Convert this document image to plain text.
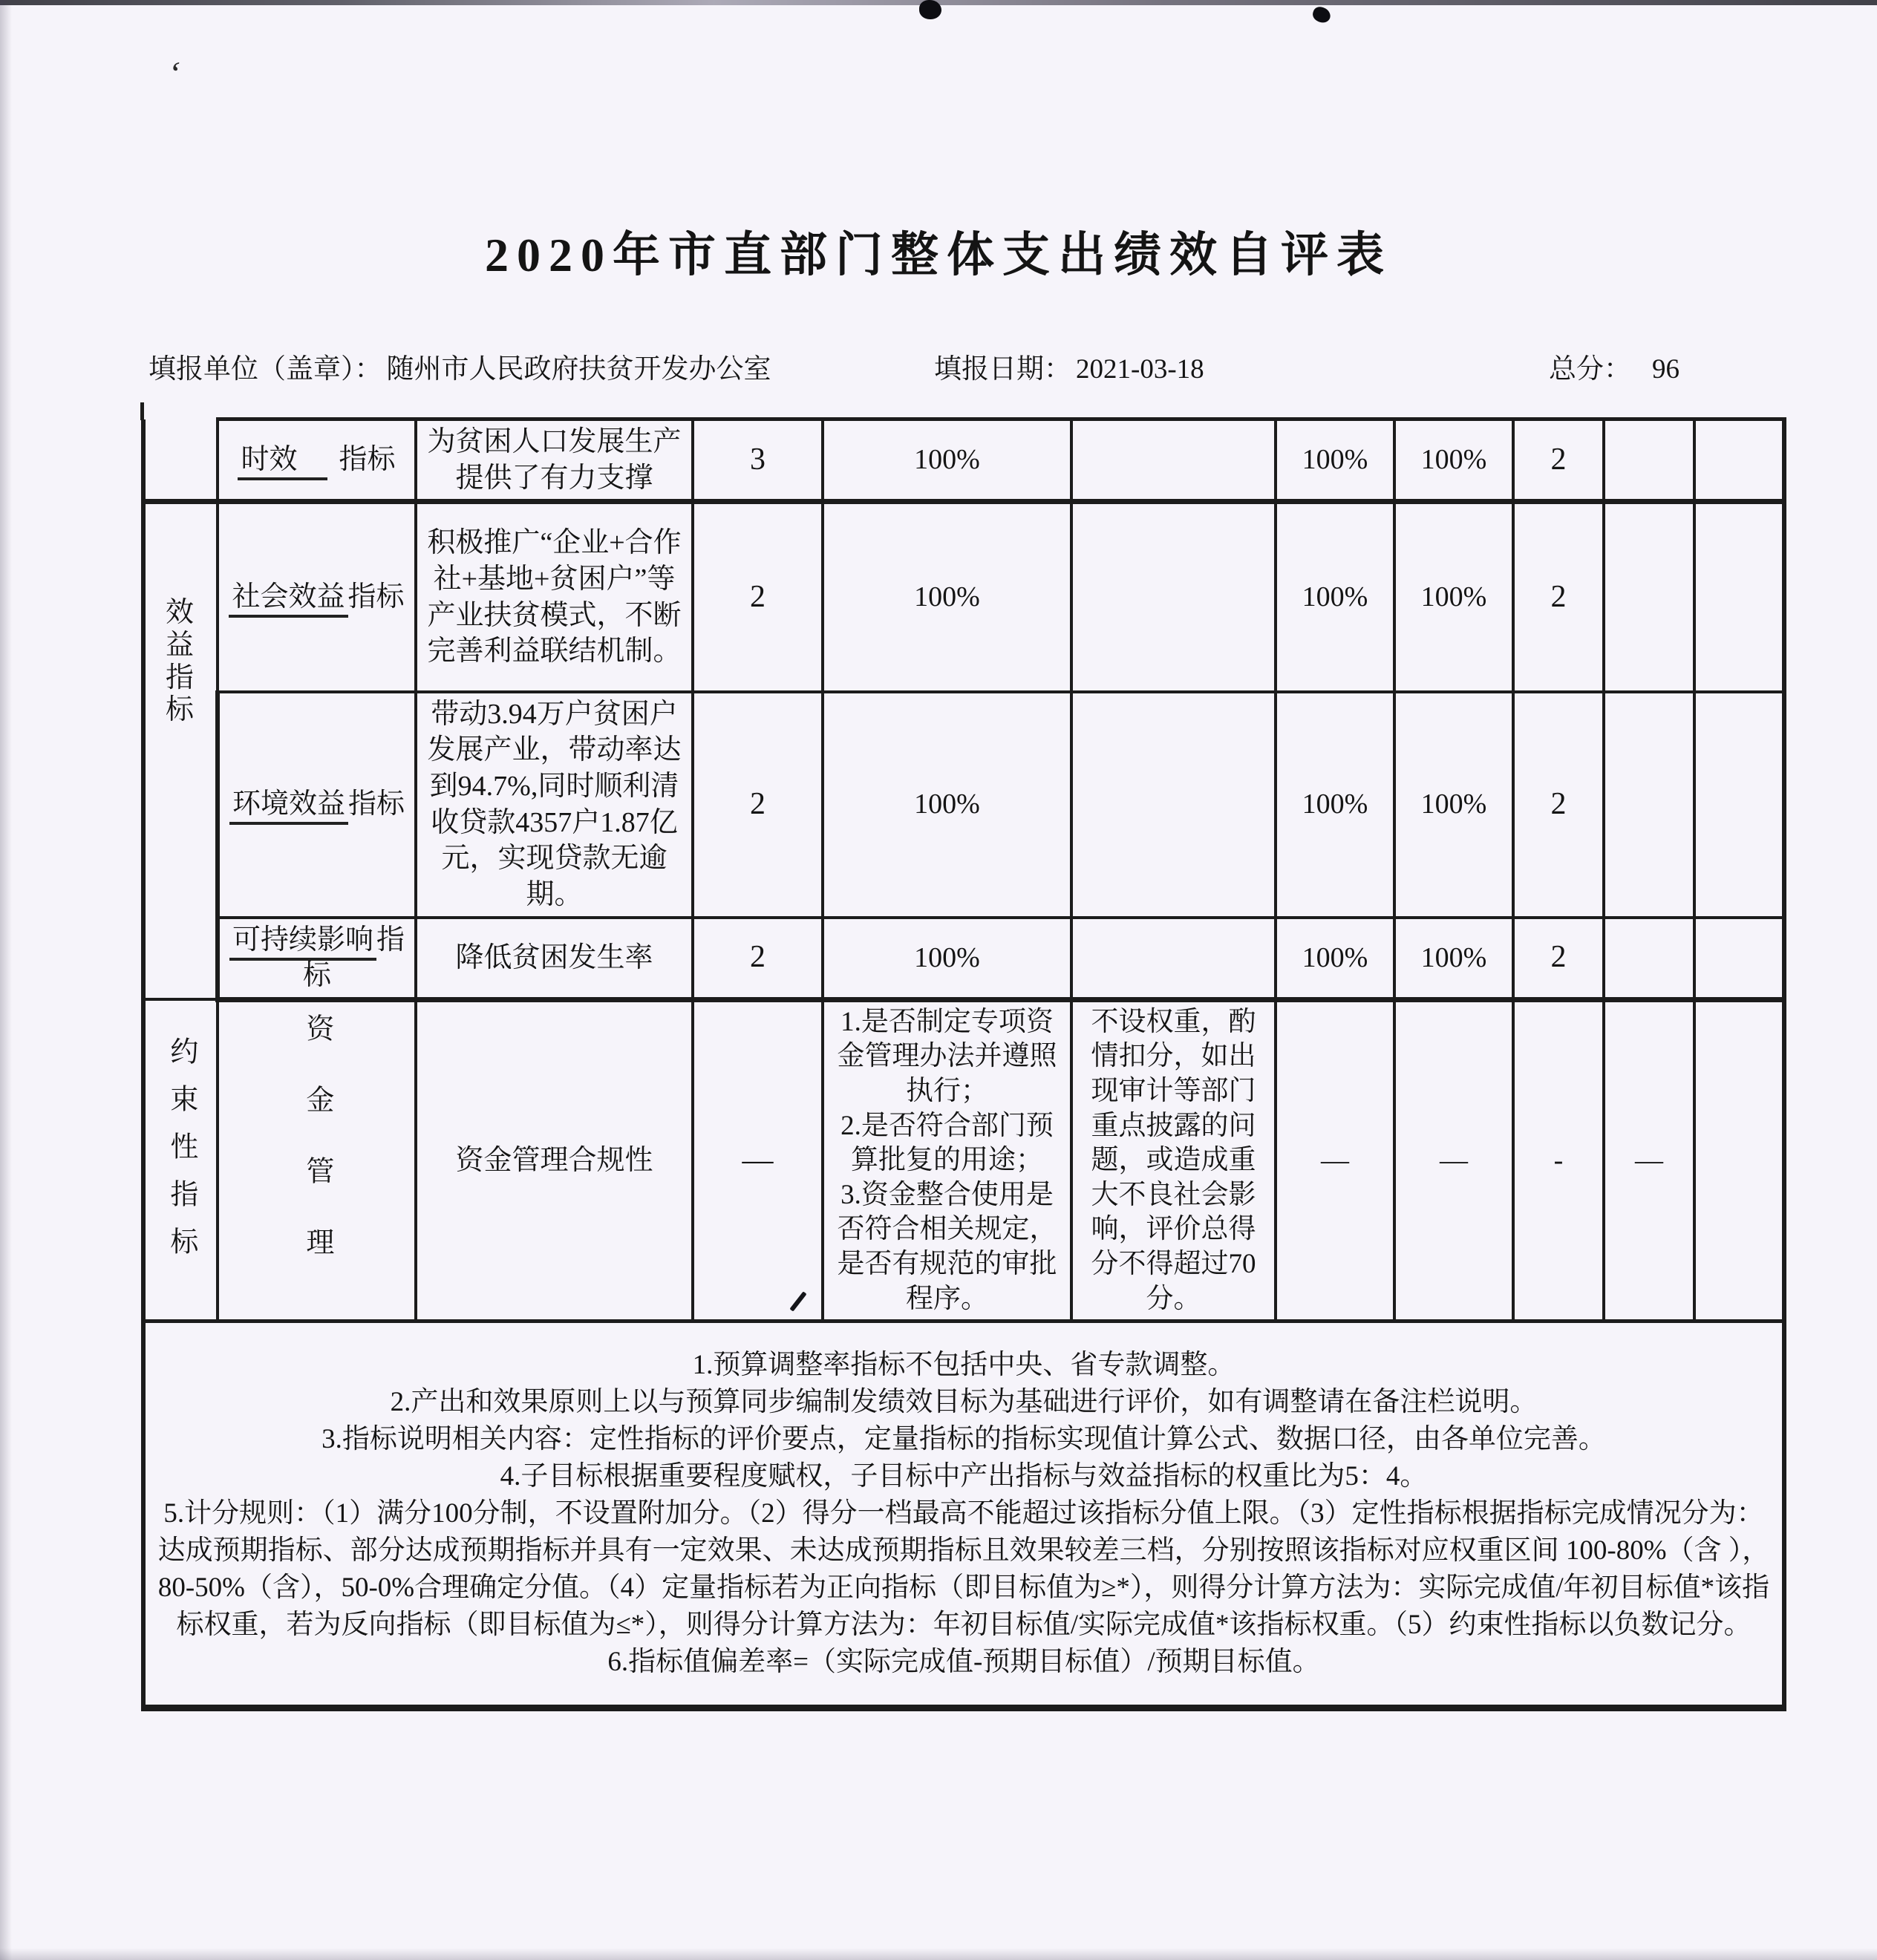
‘
2020年市直部门整体支出绩效自评表
填报单位（盖章）： 随州市人民政府扶贫开发办公室	填报日期： 2021-03-18	总分： 96
	时效 指标	为贫困人口发展生产提供了有力支撑	3	100%		100%	100%	2		

效益
指标	社会效益 指标	积极推广“企业+合作社+基地+贫困户”等产业扶贫模式，不断完善利益联结机制。	2	100%		100%	100%	2		
	环境效益 指标	带动3.94万户贫困户发展产业，带动率达到94.7%,同时顺利清收贷款4357户1.87亿元，实现贷款无逾期。	2	100%		100%	100%	2		
	可持续影响 指标	降低贫困发生率	2	100%		100%	100%	2		
约束性指标	资金管理	资金管理合规性	—	1.是否制定专项资金管理办法并遵照执行；
2.是否符合部门预算批复的用途；
3.资金整合使用是否符合相关规定，是否有规范的审批程序。	不设权重，酌情扣分，如出现审计等部门重点披露的问题，或造成重大不良社会影响，评价总得分不得超过70分。	—	—	-	—	

1.预算调整率指标不包括中央、省专款调整。
2.产出和效果原则上以与预算同步编制发绩效目标为基础进行评价，如有调整请在备注栏说明。
3.指标说明相关内容：定性指标的评价要点，定量指标的指标实现值计算公式、数据口径，由各单位完善。
4.子目标根据重要程度赋权，子目标中产出指标与效益指标的权重比为5：4。
5.计分规则：（1）满分100分制，不设置附加分。（2）得分一档最高不能超过该指标分值上限。（3）定性指标根据指标完成情况分为：达成预期指标、部分达成预期指标并具有一定效果、未达成预期指标且效果较差三档，分别按照该指标对应权重区间 100-80%（含 ），80-50%（含），50-0%合理确定分值。（4）定量指标若为正向指标（即目标值为≥*），则得分计算方法为：实际完成值/年初目标值*该指标权重，若为反向指标（即目标值为≤*），则得分计算方法为：年初目标值/实际完成值*该指标权重。（5）约束性指标以负数记分。
6.指标值偏差率=（实际完成值-预期目标值）/预期目标值。
